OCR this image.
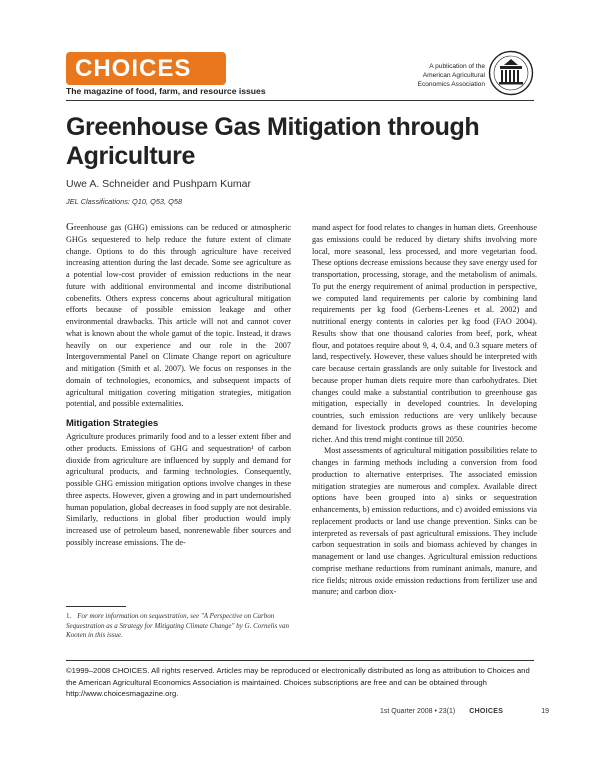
CHOICES
The magazine of food, farm, and resource issues
A publication of the
American Agricultural
Economics Association
Greenhouse Gas Mitigation through Agriculture
Uwe A. Schneider and Pushpam Kumar
JEL Classifications: Q10, Q53, Q58

Greenhouse gas (GHG) emissions can be reduced or atmospheric GHGs sequestered to help reduce the future extent of climate change. Options to do this through agriculture have received increasing attention during the last decade. Some see agriculture as a potential low-cost provider of emission reductions in the near future with additional environmental and income distributional cobenefits. Others express concerns about agricultural mitigation efforts because of possible emission leakage and other environmental drawbacks. This article will not and cannot cover what is known about the whole gamut of the topic. Instead, it draws heavily on our experience and our role in the 2007 Intergovernmental Panel on Climate Change report on agriculture and mitigation (Smith et al. 2007). We focus on responses in the domain of technologies, economics, and subsequent impacts of agricultural mitigation covering mitigation strategies, mitigation potential, and possible externalities.

Mitigation Strategies

Agriculture produces primarily food and to a lesser extent fiber and other products. Emissions of GHG and sequestration¹ of carbon dioxide from agriculture are influenced by supply and demand for agricultural products, and farming technologies. Consequently, possible GHG emission mitigation options involve changes in these three aspects. However, given a growing and in part undernourished human population, global decreases in food supply are not desirable. Similarly, reductions in global fiber production would imply increased use of petroleum based, nonrenewable fiber sources and possibly increase emissions. The de-

1. For more information on sequestration, see "A Perspective on Carbon Sequestration as a Strategy for Mitigating Climate Change" by G. Cornelis van Kooten in this issue.

mand aspect for food relates to changes in human diets. Greenhouse gas emissions could be reduced by dietary shifts involving more local, more seasonal, less processed, and more vegetarian food. These options decrease emissions because they save energy used for transportation, processing, storage, and the metabolism of animals. To put the energy requirement of animal production in perspective, we computed land requirements per calorie by combining land requirements per kg food (Gerbens-Leenes et al. 2002) and nutritional energy contents in calories per kg food (FAO 2004). Results show that one thousand calories from beef, pork, wheat flour, and potatoes require about 9, 4, 0.4, and 0.3 square meters of land, respectively. However, these values should be interpreted with care because certain grasslands are only suitable for livestock and because proper human diets require more than carbohydrates. Diet changes could make a substantial contribution to greenhouse gas mitigation, especially in developed countries. In developing countries, such emission reductions are very unlikely because demand for livestock products grows as these countries become richer. And this trend might continue till 2050.

Most assessments of agricultural mitigation possibilities relate to changes in farming methods including a conversion from food production to alternative enterprises. The associated emission mitigation strategies are numerous and complex. Available direct options have been grouped into a) sinks or sequestration enhancements, b) emission reductions, and c) avoided emissions via replacement products or land use change prevention. Sinks can be interpreted as reversals of past agricultural emissions. They include carbon sequestration in soils and biomass achieved by changes in management or land use changes. Agricultural emission reductions comprise methane reductions from ruminant animals, manure, and rice fields; nitrous oxide emission reductions from fertilizer use and manure; and carbon diox-

©1999–2008 CHOICES. All rights reserved. Articles may be reproduced or electronically distributed as long as attribution to Choices and the American Agricultural Economics Association is maintained. Choices subscriptions are free and can be obtained through http://www.choicesmagazine.org.
1st Quarter 2008 • 23(1) CHOICES	19
